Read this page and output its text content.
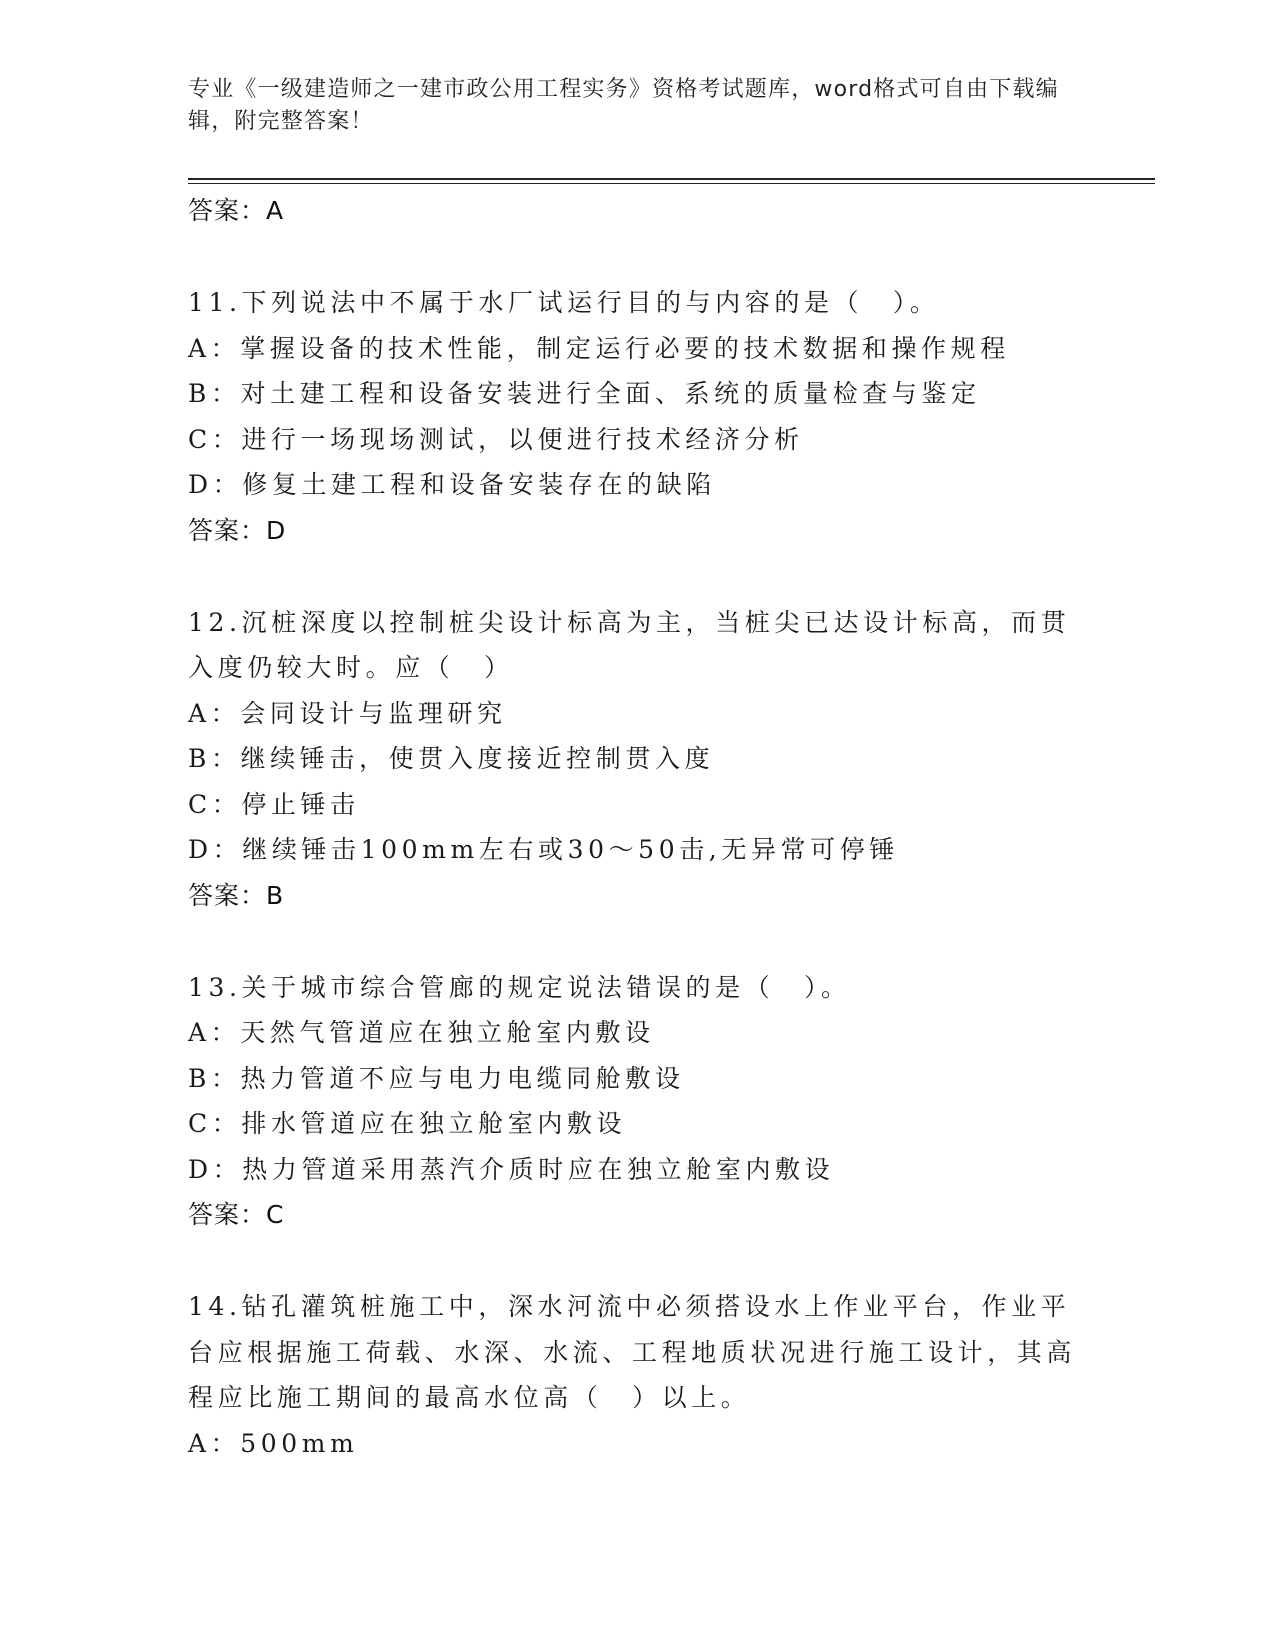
专业《一级建造师之一建市政公用工程实务》资格考试题库，word格式可自由下载编辑，附完整答案！
答案：A
11.下列说法中不属于水厂试运行目的与内容的是（　）。
A：掌握设备的技术性能，制定运行必要的技术数据和操作规程
B：对土建工程和设备安装进行全面、系统的质量检查与鉴定
C：进行一场现场测试，以便进行技术经济分析
D：修复土建工程和设备安装存在的缺陷
答案：D
12.沉桩深度以控制桩尖设计标高为主，当桩尖已达设计标高，而贯入度仍较大时。应（　）
A：会同设计与监理研究
B：继续锤击，使贯入度接近控制贯入度
C：停止锤击
D：继续锤击100mm左右或30～50击,无异常可停锤
答案：B
13.关于城市综合管廊的规定说法错误的是（　）。
A：天然气管道应在独立舱室内敷设
B：热力管道不应与电力电缆同舱敷设
C：排水管道应在独立舱室内敷设
D：热力管道采用蒸汽介质时应在独立舱室内敷设
答案：C
14.钻孔灌筑桩施工中，深水河流中必须搭设水上作业平台，作业平台应根据施工荷载、水深、水流、工程地质状况进行施工设计，其高程应比施工期间的最高水位高（　）以上。
A：500mm
